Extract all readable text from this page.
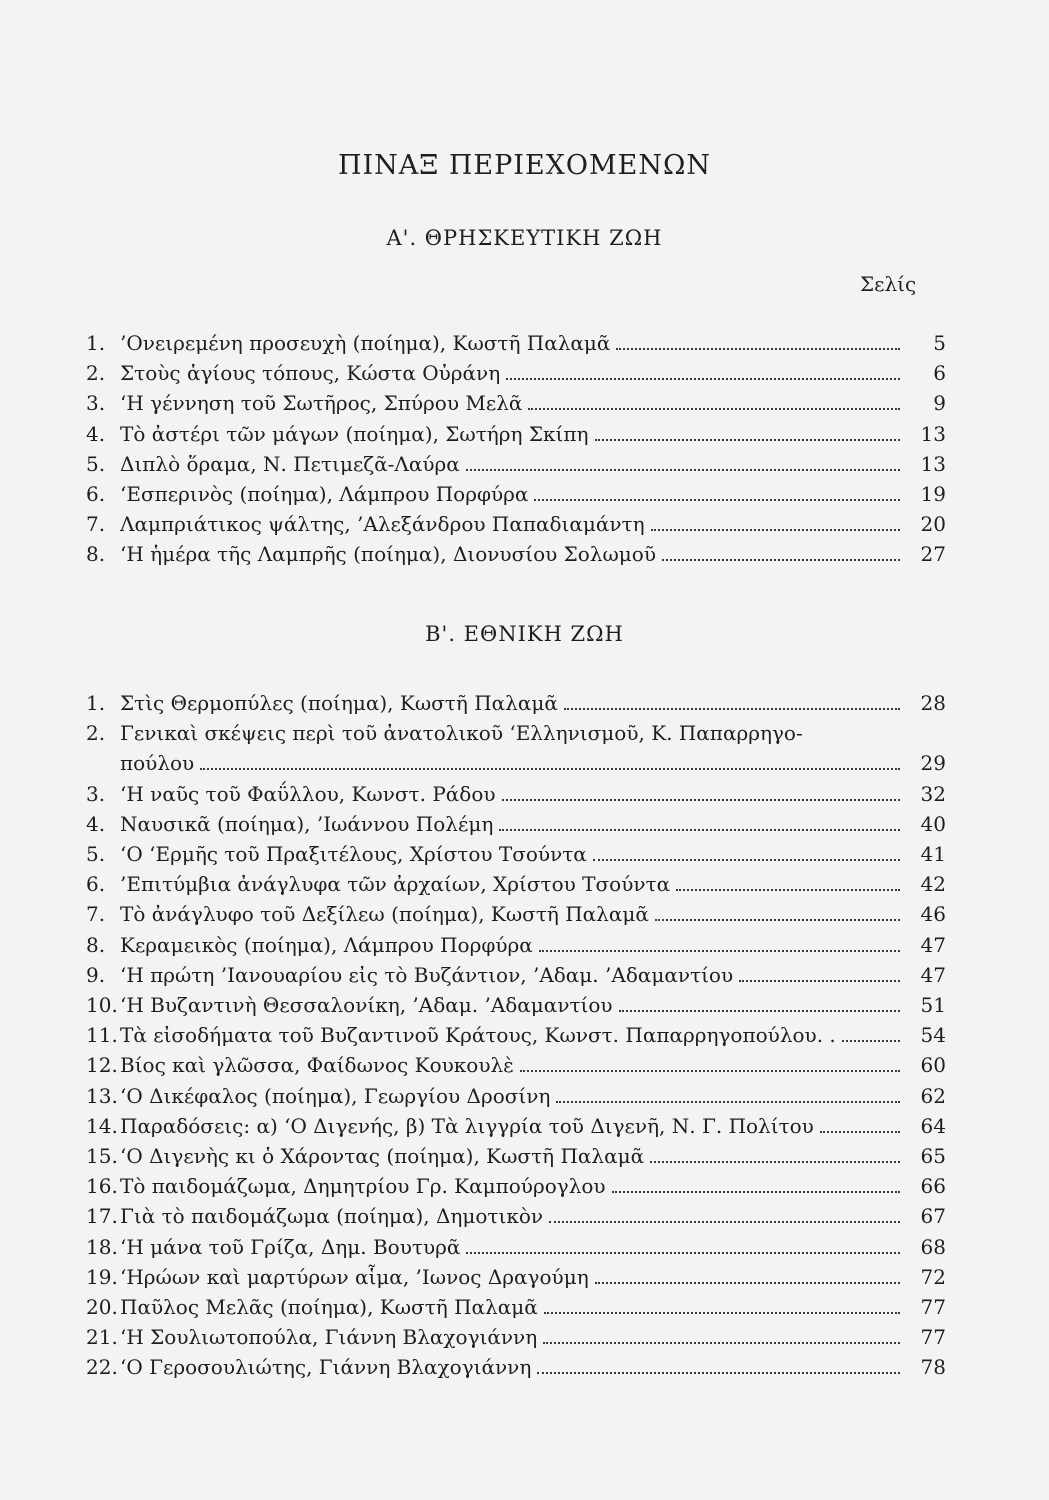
ΠΙΝΑΞ ΠΕΡΙΕΧΟΜΕΝΩΝ
Α'. ΘΡΗΣΚΕΥΤΙΚΗ ΖΩΗ
Σελίς
1. ’Ονειρεμένη προσευχὴ (ποίημα), Κωστῆ Παλαμᾶ	5
2. Στοὺς ἁγίους τόπους, Κώστα Οὐράνη	6
3. ‘Η γέννηση τοῦ Σωτῆρος, Σπύρου Μελᾶ	9
4. Τὸ ἀστέρι τῶν μάγων (ποίημα), Σωτήρη Σκίπη	13
5. Διπλὸ ὅραμα, Ν. Πετιμεζᾶ-Λαύρα	13
6. ‘Εσπερινὸς (ποίημα), Λάμπρου Πορφύρα	19
7. Λαμπριάτικος ψάλτης, ’Αλεξάνδρου Παπαδιαμάντη	20
8. ‘Η ἡμέρα τῆς Λαμπρῆς (ποίημα), Διονυσίου Σολωμοῦ	27
Β'. ΕΘΝΙΚΗ ΖΩΗ
1. Στὶς Θερμοπύλες (ποίημα), Κωστῆ Παλαμᾶ	28
2. Γενικαὶ σκέψεις περὶ τοῦ ἀνατολικοῦ ‘Ελληνισμοῦ, Κ. Παπαρρηγο-
πούλου	29
3. ‘Η ναῦς τοῦ Φαΰλλου, Κωνστ. Ράδου	32
4. Ναυσικᾶ (ποίημα), ’Ιωάννου Πολέμη	40
5. ‘Ο ‘Ερμῆς τοῦ Πραξιτέλους, Χρίστου Τσούντα	41
6. ’Επιτύμβια ἀνάγλυφα τῶν ἀρχαίων, Χρίστου Τσούντα	42
7. Τὸ ἀνάγλυφο τοῦ Δεξίλεω (ποίημα), Κωστῆ Παλαμᾶ	46
8. Κεραμεικὸς (ποίημα), Λάμπρου Πορφύρα	47
9. ‘Η πρώτη ’Ιανουαρίου εἰς τὸ Βυζάντιον, ’Αδαμ. ’Αδαμαντίου	47
10. ‘Η Βυζαντινὴ Θεσσαλονίκη, ’Αδαμ. ’Αδαμαντίου	51
11. Τὰ εἰσοδήματα τοῦ Βυζαντινοῦ Κράτους, Κωνστ. Παπαρρηγοπούλου. .	54
12. Βίος καὶ γλῶσσα, Φαίδωνος Κουκουλὲ	60
13. ‘Ο Δικέφαλος (ποίημα), Γεωργίου Δροσίνη	62
14. Παραδόσεις: α) ‘Ο Διγενής, β) Τὰ λιγγρία τοῦ Διγενῆ, Ν. Γ. Πολίτου	64
15. ‘Ο Διγενὴς κι ὁ Χάροντας (ποίημα), Κωστῆ Παλαμᾶ	65
16. Τὸ παιδομάζωμα, Δημητρίου Γρ. Καμπούρογλου	66
17. Γιὰ τὸ παιδομάζωμα (ποίημα), Δημοτικὸν	67
18. ‘Η μάνα τοῦ Γρίζα, Δημ. Βουτυρᾶ	68
19. ‘Ηρώων καὶ μαρτύρων αἷμα, ’Ιωνος Δραγούμη	72
20. Παῦλος Μελᾶς (ποίημα), Κωστῆ Παλαμᾶ	77
21. ‘Η Σουλιωτοπούλα, Γιάννη Βλαχογιάννη	77
22. ‘Ο Γεροσουλιώτης, Γιάννη Βλαχογιάννη	78
